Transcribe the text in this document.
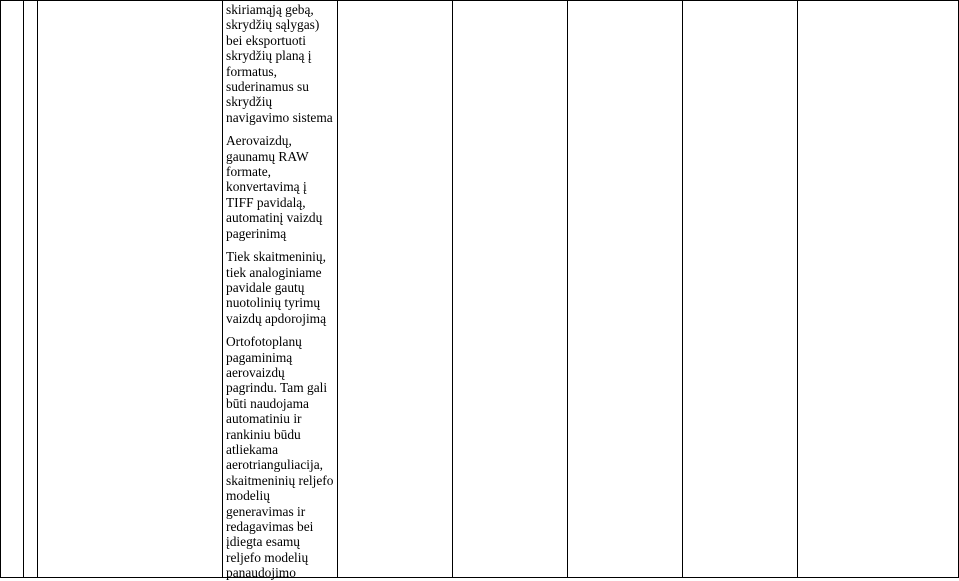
skiriamąją gebą, skrydžių sąlygas) bei eksportuoti skrydžių planą į formatus, suderinamus su skrydžių navigavimo sistema

Aerovaizdų, gaunamų RAW formate, konvertavimą į TIFF pavidalą, automatinį vaizdų pagerinimą

Tiek skaitmeninių, tiek analoginiame pavidale gautų nuotolinių tyrimų vaizdų apdorojimą

Ortofotoplanų pagaminimą aerovaizdų pagrindu. Tam gali būti naudojama automatiniu ir rankiniu būdu atliekama aerotrianguliacija, skaitmeninių reljefo modelių generavimas ir redagavimas bei įdiegta esamų reljefo modelių panaudojimo
